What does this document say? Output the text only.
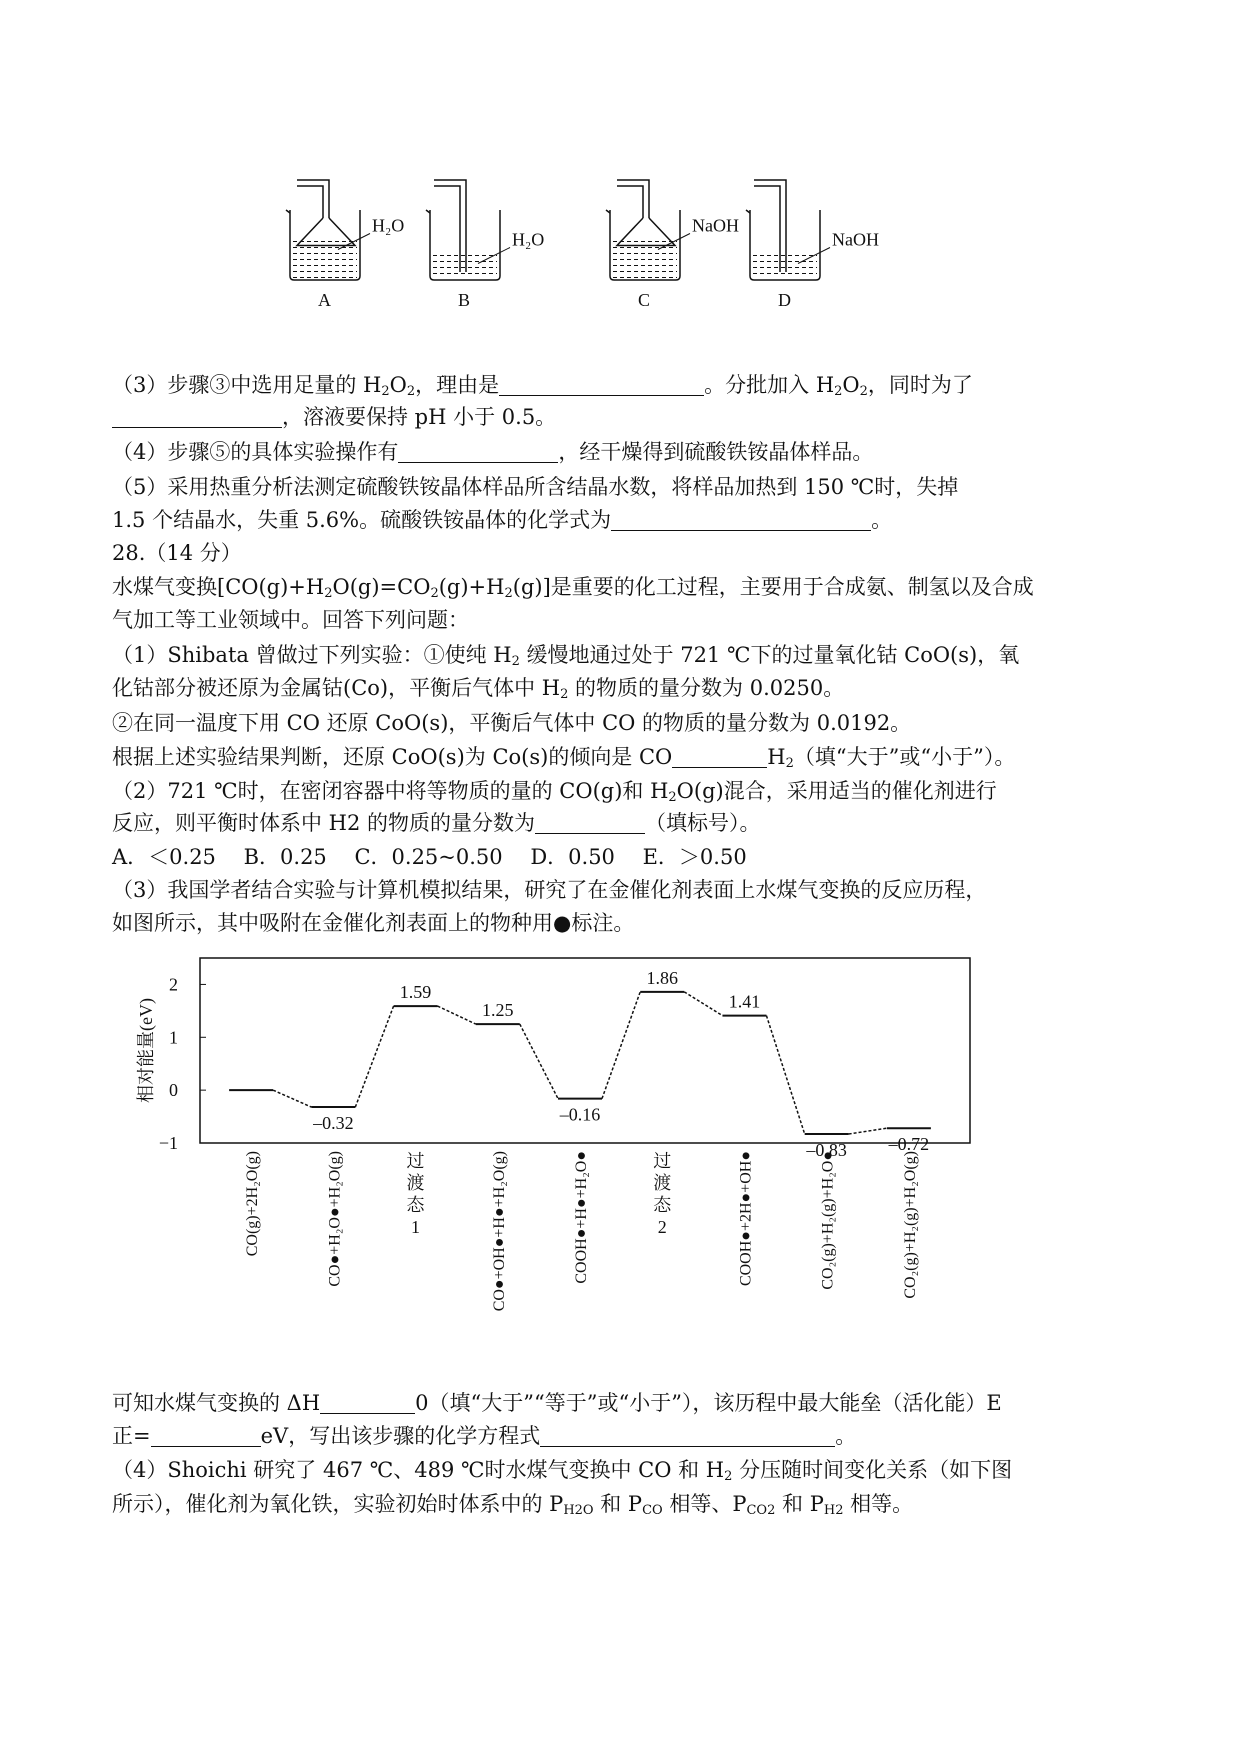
H₂O
A
H₂O
B
NaOH
C
NaOH
D
（3）步骤③中选用足量的 $H_2O_2$，理由是	。分批加入 $H_2O_2$，同时为了
，溶液要保持 pH 小于 0.5。
（4）步骤⑤的具体实验操作有	，经干燥得到硫酸铁铵晶体样品。
（5）采用热重分析法测定硫酸铁铵晶体样品所含结晶水数，将样品加热到 150 ℃时，失掉
1.5 个结晶水，失重 5.6%。硫酸铁铵晶体的化学式为	。
28.（14 分）
水煤气变换$[CO(g)+H_2O(g)=CO_2(g)+H_2(g)]$是重要的化工过程，主要用于合成氨、制氢以及合成
气加工等工业领域中。回答下列问题：
（1）Shibata 曾做过下列实验：①使纯 $H_2$ 缓慢地通过处于 721 ℃下的过量氧化钴 CoO(s)，氧
化钴部分被还原为金属钴(Co)，平衡后气体中 $H_2$ 的物质的量分数为 0.0250。
②在同一温度下用 CO 还原 CoO(s)，平衡后气体中 CO 的物质的量分数为 0.0192。
根据上述实验结果判断，还原 CoO(s)为 Co(s)的倾向是 CO	$H_2$（填“大于”或“小于”）。
（2）721 ℃时，在密闭容器中将等物质的量的 CO(g)和 $H_2O(g)$混合，采用适当的催化剂进行
反应，则平衡时体系中 H2 的物质的量分数为	（填标号）。
A．＜0.25　 B．0.25　 C．0.25~0.50　 D．0.50　 E．＞0.50
（3）我国学者结合实验与计算机模拟结果，研究了在金催化剂表面上水煤气变换的反应历程，
如图所示，其中吸附在金催化剂表面上的物种用●标注。
2
1
0
−1
相对能量(eV)
CO(g)+2H₂O(g)
–0.32
CO●+H₂O●+H₂O(g)
1.59
过
渡
态
1
1.25
CO●+OH●+H●+H₂O(g)
–0.16
COOH●+H●+H₂O●
1.86
过
渡
态
2
1.41
COOH●+2H●+OH●
–0.83
CO₂(g)+H₂(g)+H₂O●
–0.72
CO₂(g)+H₂(g)+H₂O(g)
可知水煤气变换的 ΔH	0（填“大于”“等于”或“小于”），该历程中最大能垒（活化能）E
正=	eV，写出该步骤的化学方程式	。
（4）Shoichi 研究了 467 ℃、489 ℃时水煤气变换中 CO 和 $H_2$ 分压随时间变化关系（如下图
所示），催化剂为氧化铁，实验初始时体系中的 $P_{H2O}$ 和 $P_{CO}$ 相等、$P_{CO2}$ 和 $P_{H2}$ 相等。
